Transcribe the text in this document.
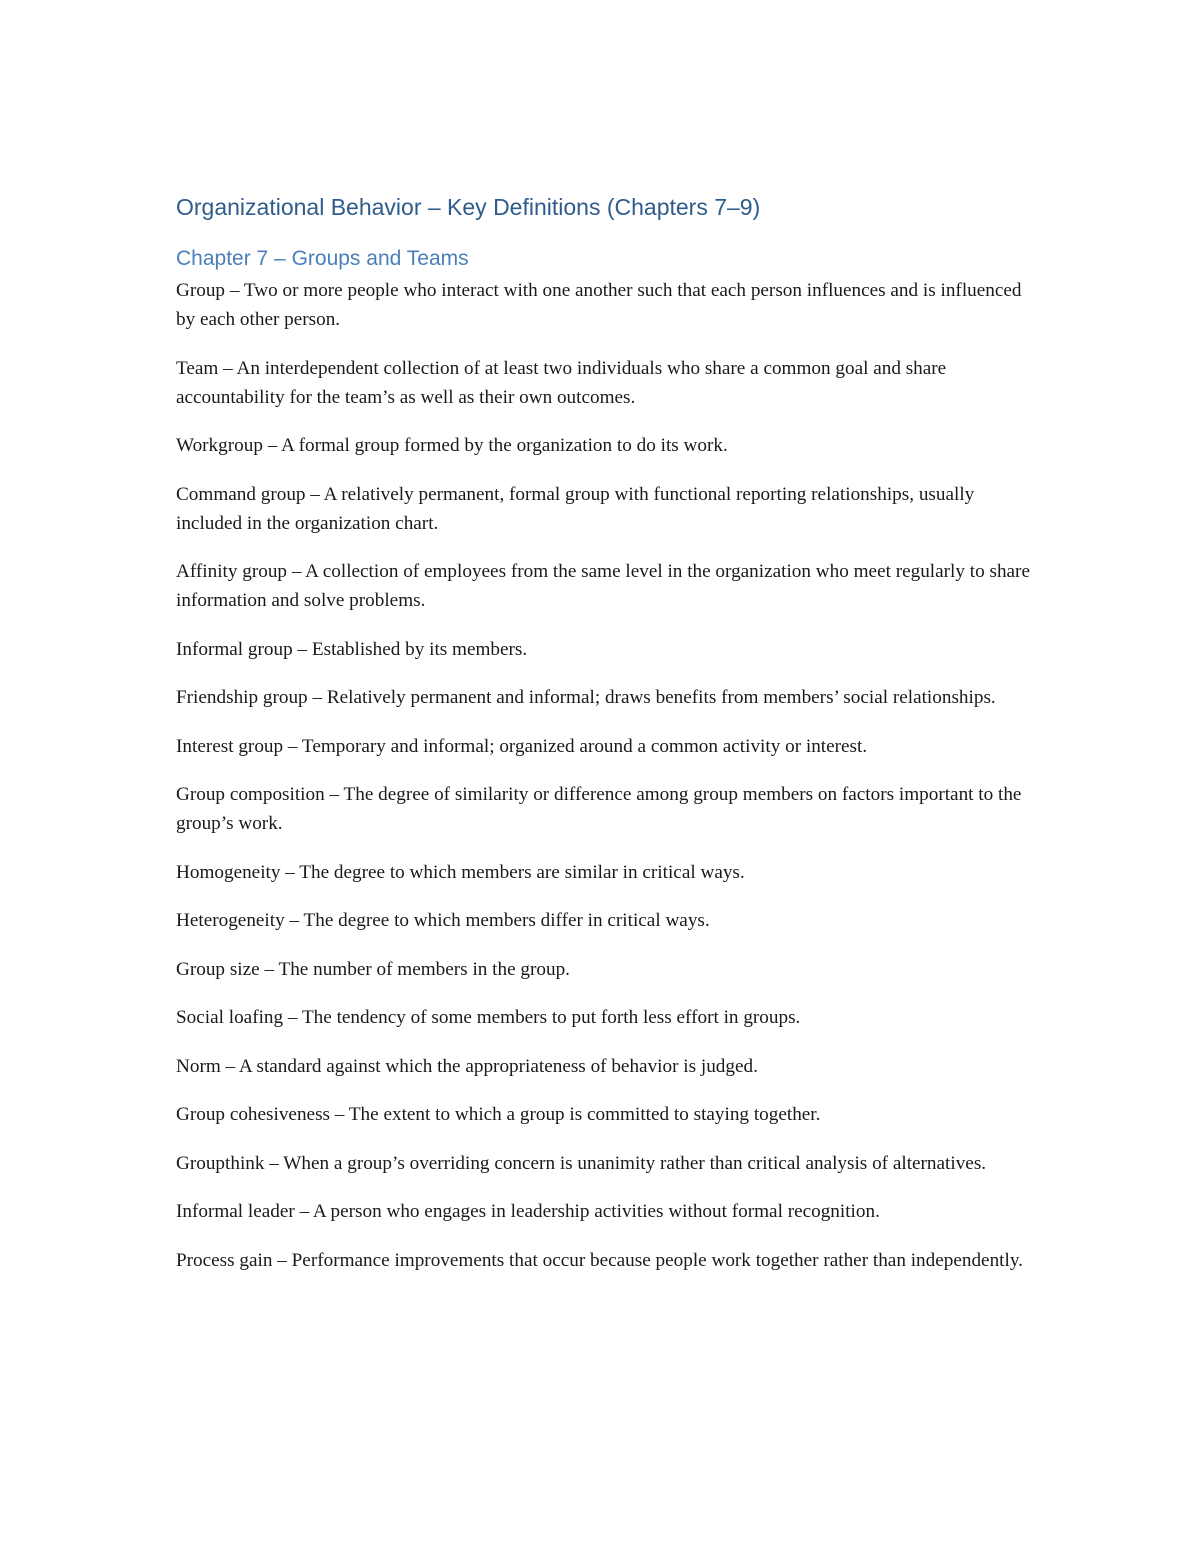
Organizational Behavior – Key Definitions (Chapters 7–9)
Chapter 7 – Groups and Teams

Group – Two or more people who interact with one another such that each person influences and is influenced by each other person.

Team – An interdependent collection of at least two individuals who share a common goal and share accountability for the team’s as well as their own outcomes.

Workgroup – A formal group formed by the organization to do its work.

Command group – A relatively permanent, formal group with functional reporting relationships, usually included in the organization chart.

Affinity group – A collection of employees from the same level in the organization who meet regularly to share information and solve problems.

Informal group – Established by its members.

Friendship group – Relatively permanent and informal; draws benefits from members’ social relationships.

Interest group – Temporary and informal; organized around a common activity or interest.

Group composition – The degree of similarity or difference among group members on factors important to the group’s work.

Homogeneity – The degree to which members are similar in critical ways.

Heterogeneity – The degree to which members differ in critical ways.

Group size – The number of members in the group.

Social loafing – The tendency of some members to put forth less effort in groups.

Norm – A standard against which the appropriateness of behavior is judged.

Group cohesiveness – The extent to which a group is committed to staying together.

Groupthink – When a group’s overriding concern is unanimity rather than critical analysis of alternatives.

Informal leader – A person who engages in leadership activities without formal recognition.

Process gain – Performance improvements that occur because people work together rather than independently.
